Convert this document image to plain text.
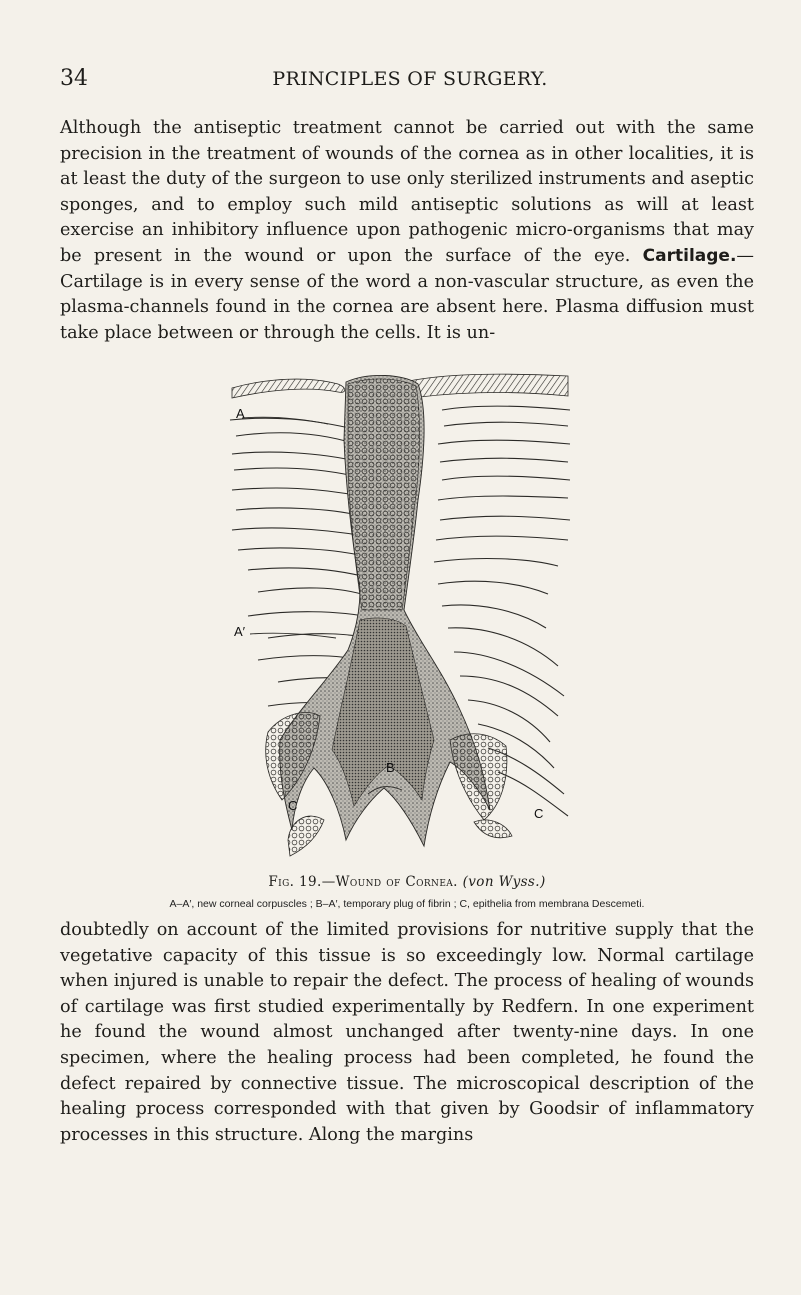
34	PRINCIPLES OF SURGERY.

Although the antiseptic treatment cannot be carried out with the same precision in the treatment of wounds of the cornea as in other localities, it is at least the duty of the surgeon to use only sterilized instruments and aseptic sponges, and to employ such mild antiseptic solutions as will at least exercise an inhibitory influence upon pathogenic micro-organisms that may be present in the wound or upon the surface of the eye. Cartilage.—Cartilage is in every sense of the word a non-vascular structure, as even the plasma-channels found in the cornea are absent here. Plasma diffusion must take place between or through the cells. It is un-

A
A′
B
C
C
Fig. 19.—Wound of Cornea. (von Wyss.)
A–A′, new corneal corpuscles ; B–A′, temporary plug of fibrin ; C, epithelia from membrana Descemeti.

doubtedly on account of the limited provisions for nutritive supply that the vegetative capacity of this tissue is so exceedingly low. Normal cartilage when injured is unable to repair the defect. The process of healing of wounds of cartilage was first studied experimentally by Redfern. In one experiment he found the wound almost unchanged after twenty-nine days. In one specimen, where the healing process had been completed, he found the defect repaired by connective tissue. The microscopical description of the healing process corresponded with that given by Goodsir of inflammatory processes in this structure. Along the margins
